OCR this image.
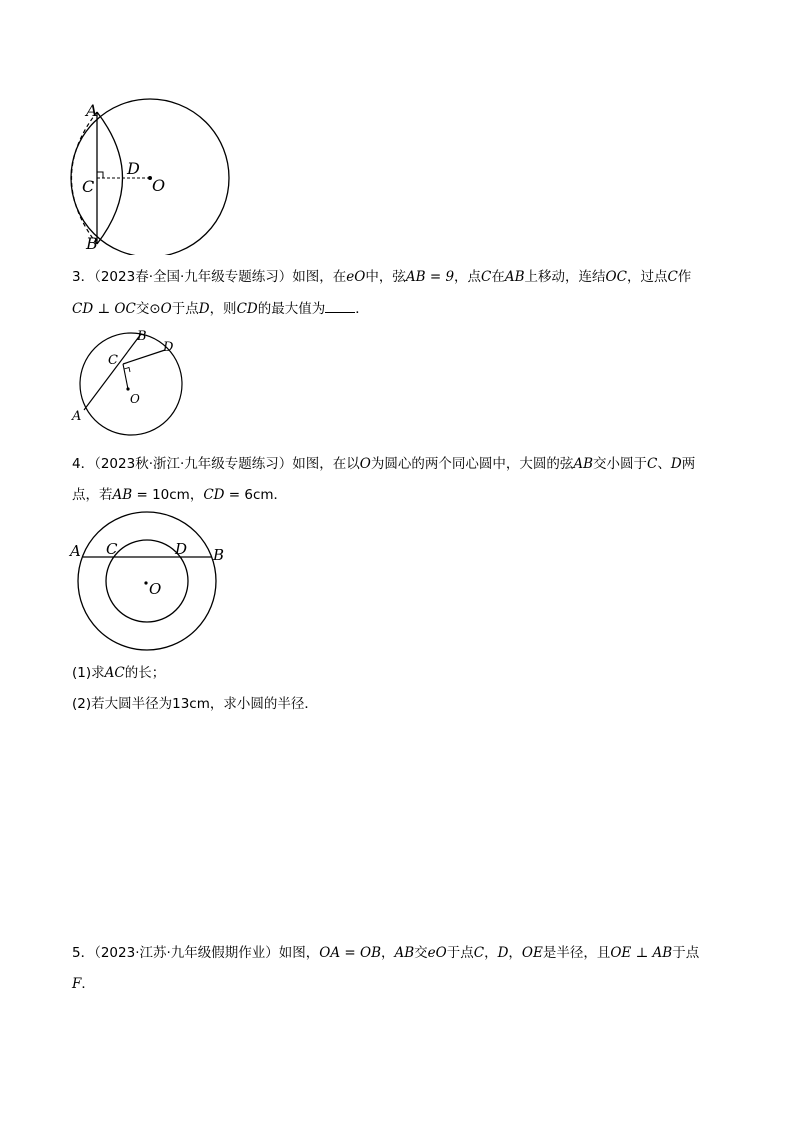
A
C
D
O
B
3．（2023春·全国·九年级专题练习）如图，在eO中，弦AB = 9，点C在AB上移动，连结OC，过点C作
CD ⊥ OC交⊙O于点D，则CD的最大值为 ．
B
D
C
O
A
4．（2023秋·浙江·九年级专题练习）如图，在以O为圆心的两个同心圆中，大圆的弦AB交小圆于C、D两
点，若AB = 10cm，CD = 6cm．
A C	D B
O
(1)求AC的长；
(2)若大圆半径为13cm，求小圆的半径．
5．（2023·江苏·九年级假期作业）如图，OA = OB，AB交eO于点C，D，OE是半径，且OE ⊥ AB于点
F．
